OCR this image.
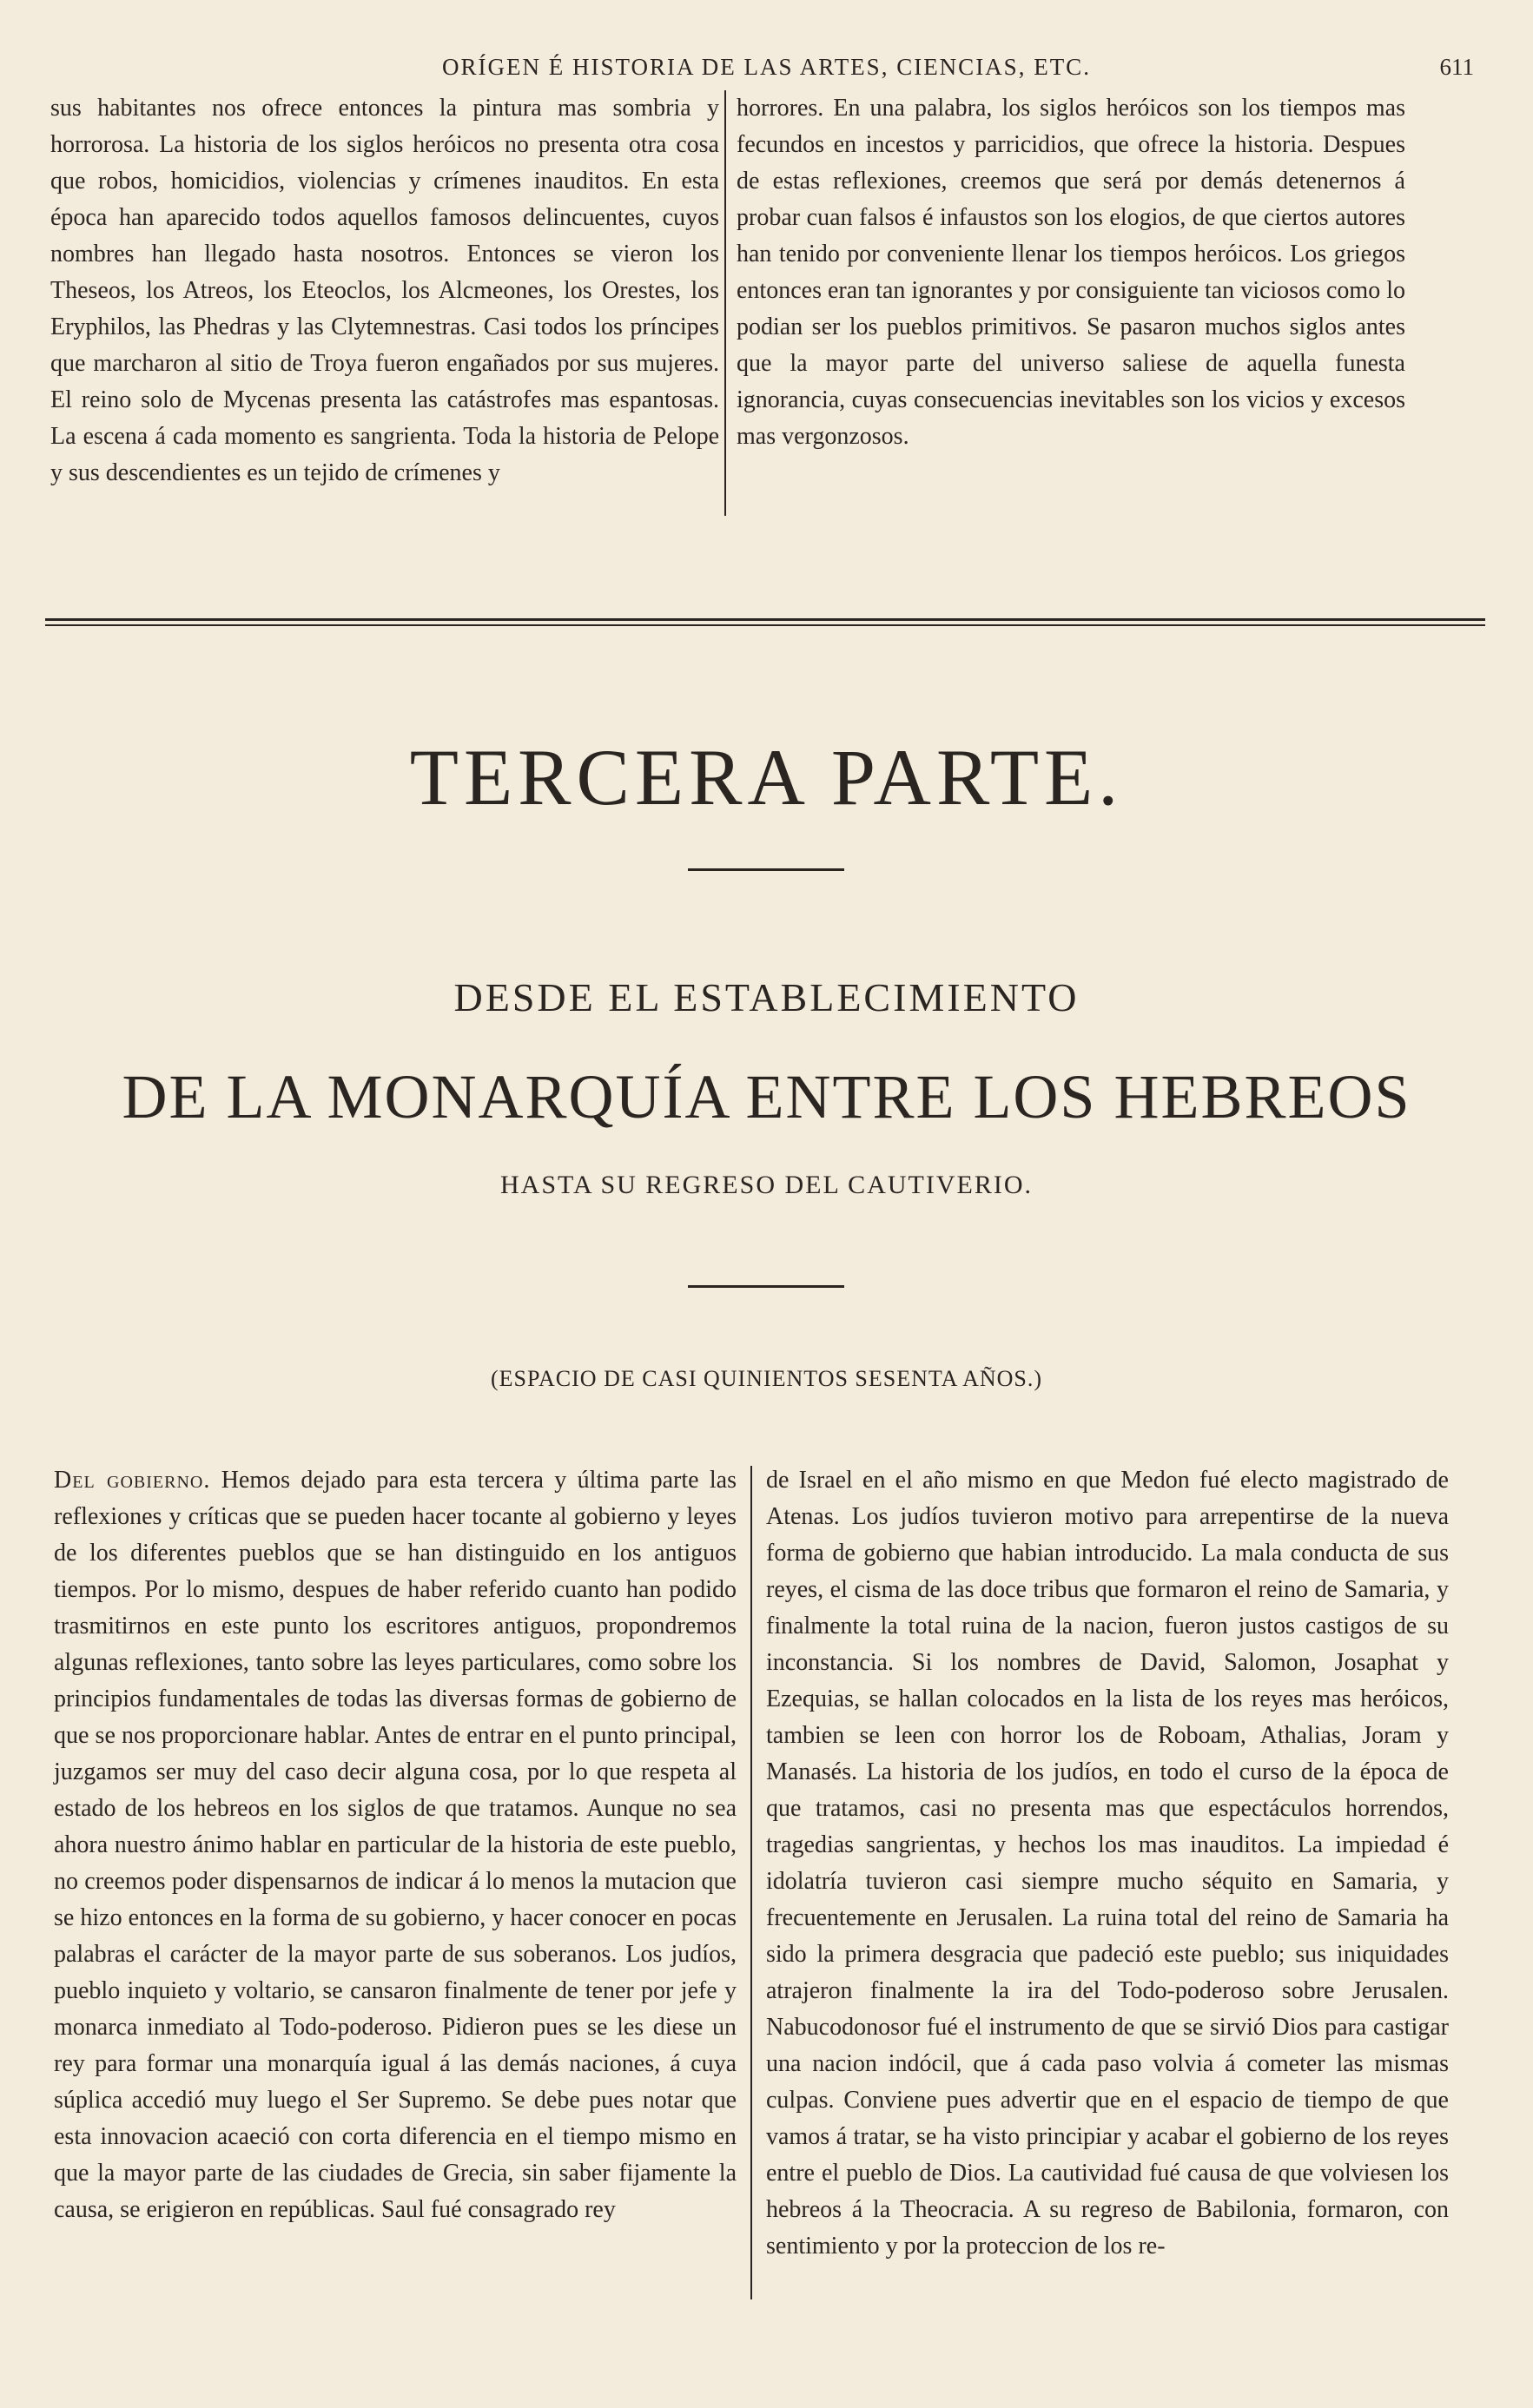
ORÍGEN É HISTORIA DE LAS ARTES, CIENCIAS, ETC.	611

sus habitantes nos ofrece entonces la pintura mas sombria y horrorosa. La historia de los siglos heróicos no presenta otra cosa que robos, homicidios, violencias y crímenes inauditos. En esta época han aparecido todos aquellos famosos delincuentes, cuyos nombres han llegado hasta nosotros. Entonces se vieron los Theseos, los Atreos, los Eteoclos, los Alcmeones, los Orestes, los Eryphilos, las Phedras y las Clytemnestras. Casi todos los príncipes que marcharon al sitio de Troya fueron engañados por sus mujeres. El reino solo de Mycenas presenta las catástrofes mas espantosas. La escena á cada momento es sangrienta. Toda la historia de Pelope y sus descendientes es un tejido de crímenes y

horrores. En una palabra, los siglos heróicos son los tiempos mas fecundos en incestos y parricidios, que ofrece la historia. Despues de estas reflexiones, creemos que será por demás detenernos á probar cuan falsos é infaustos son los elogios, de que ciertos autores han tenido por conveniente llenar los tiempos heróicos. Los griegos entonces eran tan ignorantes y por consiguiente tan viciosos como lo podian ser los pueblos primitivos. Se pasaron muchos siglos antes que la mayor parte del universo saliese de aquella funesta ignorancia, cuyas consecuencias inevitables son los vicios y excesos mas vergonzosos.

TERCERA PARTE.
DESDE EL ESTABLECIMIENTO
DE LA MONARQUÍA ENTRE LOS HEBREOS
HASTA SU REGRESO DEL CAUTIVERIO.
(ESPACIO DE CASI QUINIENTOS SESENTA AÑOS.)

Del gobierno. Hemos dejado para esta tercera y última parte las reflexiones y críticas que se pueden hacer tocante al gobierno y leyes de los diferentes pueblos que se han distinguido en los antiguos tiempos. Por lo mismo, despues de haber referido cuanto han podido trasmitirnos en este punto los escritores antiguos, propondremos algunas reflexiones, tanto sobre las leyes particulares, como sobre los principios fundamentales de todas las diversas formas de gobierno de que se nos proporcionare hablar. Antes de entrar en el punto principal, juzgamos ser muy del caso decir alguna cosa, por lo que respeta al estado de los hebreos en los siglos de que tratamos. Aunque no sea ahora nuestro ánimo hablar en particular de la historia de este pueblo, no creemos poder dispensarnos de indicar á lo menos la mutacion que se hizo entonces en la forma de su gobierno, y hacer conocer en pocas palabras el carácter de la mayor parte de sus soberanos. Los judíos, pueblo inquieto y voltario, se cansaron finalmente de tener por jefe y monarca inmediato al Todo-poderoso. Pidieron pues se les diese un rey para formar una monarquía igual á las demás naciones, á cuya súplica accedió muy luego el Ser Supremo. Se debe pues notar que esta innovacion acaeció con corta diferencia en el tiempo mismo en que la mayor parte de las ciudades de Grecia, sin saber fijamente la causa, se erigieron en repúblicas. Saul fué consagrado rey

de Israel en el año mismo en que Medon fué electo magistrado de Atenas. Los judíos tuvieron motivo para arrepentirse de la nueva forma de gobierno que habian introducido. La mala conducta de sus reyes, el cisma de las doce tribus que formaron el reino de Samaria, y finalmente la total ruina de la nacion, fueron justos castigos de su inconstancia. Si los nombres de David, Salomon, Josaphat y Ezequias, se hallan colocados en la lista de los reyes mas heróicos, tambien se leen con horror los de Roboam, Athalias, Joram y Manasés. La historia de los judíos, en todo el curso de la época de que tratamos, casi no presenta mas que espectáculos horrendos, tragedias sangrientas, y hechos los mas inauditos. La impiedad é idolatría tuvieron casi siempre mucho séquito en Samaria, y frecuentemente en Jerusalen. La ruina total del reino de Samaria ha sido la primera desgracia que padeció este pueblo; sus iniquidades atrajeron finalmente la ira del Todo-poderoso sobre Jerusalen. Nabucodonosor fué el instrumento de que se sirvió Dios para castigar una nacion indócil, que á cada paso volvia á cometer las mismas culpas. Conviene pues advertir que en el espacio de tiempo de que vamos á tratar, se ha visto principiar y acabar el gobierno de los reyes entre el pueblo de Dios. La cautividad fué causa de que volviesen los hebreos á la Theocracia. A su regreso de Babilonia, formaron, con sentimiento y por la proteccion de los re-
